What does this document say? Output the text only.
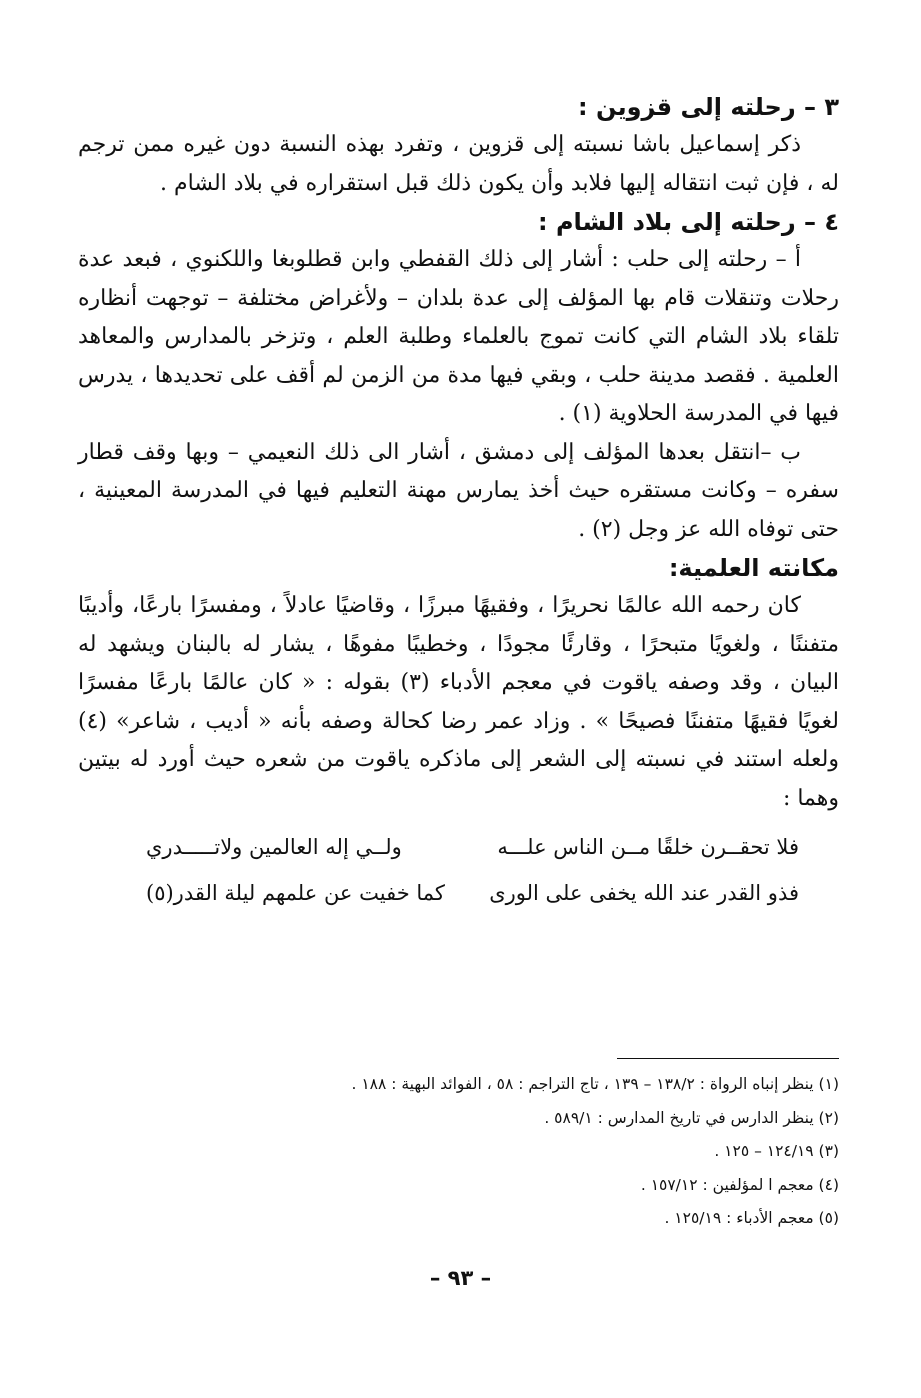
٣ – رحلته إلى قزوين :

ذكر إسماعيل باشا نسبته إلى قزوين ، وتفرد بهذه النسبة دون غيره ممن ترجم له ، فإن ثبت انتقاله إليها فلابد وأن يكون ذلك قبل استقراره في بلاد الشام .

٤ – رحلته إلى بلاد الشام :

أ – رحلته إلى حلب : أشار إلى ذلك القفطي وابن قطلوبغا واللكنوي ، فبعد عدة رحلات وتنقلات قام بها المؤلف إلى عدة بلدان – ولأغراض مختلفة – توجهت أنظاره تلقاء بلاد الشام التي كانت تموج بالعلماء وطلبة العلم ، وتزخر بالمدارس والمعاهد العلمية . فقصد مدينة حلب ، وبقي فيها مدة من الزمن لم أقف على تحديدها ، يدرس فيها في المدرسة الحلاوية (١) .

ب –انتقل بعدها المؤلف إلى دمشق ، أشار الى ذلك النعيمي – وبها وقف قطار سفره – وكانت مستقره حيث أخذ يمارس مهنة التعليم فيها في المدرسة المعينية ، حتى توفاه الله عز وجل (٢) .

مكانته العلمية:

كان رحمه الله عالمًا نحريرًا ، وفقيهًا مبرزًا ، وقاضيًا عادلاً ، ومفسرًا بارعًا، وأديبًا متفننًا ، ولغويًا متبحرًا ، وقارئًا مجودًا ، وخطيبًا مفوهًا ، يشار له بالبنان ويشهد له البيان ، وقد وصفه ياقوت في معجم الأدباء (٣) بقوله : « كان عالمًا بارعًا مفسرًا لغويًا فقيهًا متفننًا فصيحًا » . وزاد عمر رضا كحالة وصفه بأنه « أديب ، شاعر» (٤) ولعله استند في نسبته إلى الشعر إلى ماذكره ياقوت من شعره حيث أورد له بيتين وهما :

فلا تحقــرن خلقًا مــن الناس علـــه
ولــي إله العالمين ولاتـــــدري
فذو القدر عند الله يخفى على الورى
كما خفيت عن علمهم ليلة القدر(٥)

(١) ينظر إنباه الرواة : ١٣٨/٢ – ١٣٩ ، تاج التراجم : ٥٨ ، الفوائد البهية : ١٨٨ .

(٢) ينظر الدارس في تاريخ المدارس : ٥٨٩/١ .

(٣) ١٢٤/١٩ – ١٢٥ .

(٤) معجم ا لمؤلفين : ١٥٧/١٢ .

(٥) معجم الأدباء : ١٢٥/١٩ .

– ٩٣ –
